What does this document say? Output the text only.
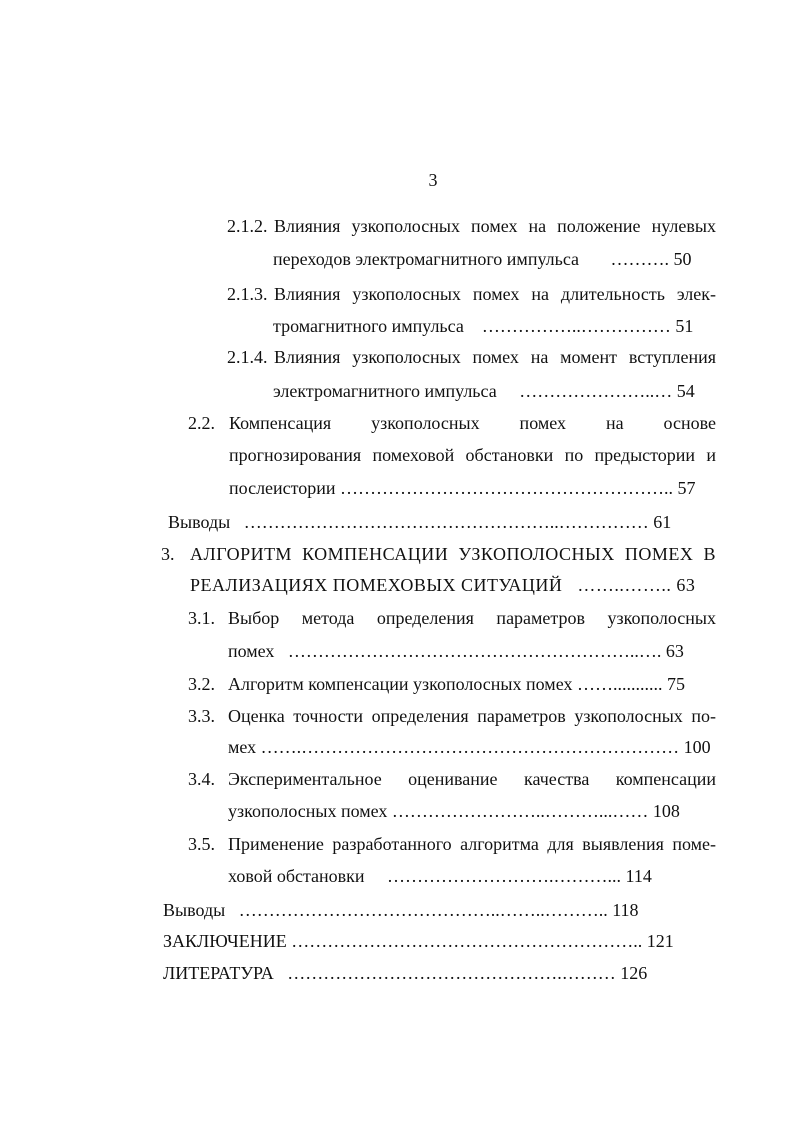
3
2.1.2. Влияния узкополосных помех на положение нулевых
переходов электромагнитного импульса       ………. 50
2.1.3. Влияния узкополосных помех на длительность элек-
тромагнитного импульса    ……………..…………… 51
2.1.4. Влияния узкополосных помех на момент вступления
электромагнитного импульса     …………………..… 54
2.2. Компенсация узкополосных помех на основе
прогнозирования помеховой обстановки по предыстории и
послеистории ……………………………………………….. 57
Выводы   ……………………………………………..…………… 61
3. АЛГОРИТМ КОМПЕНСАЦИИ УЗКОПОЛОСНЫХ ПОМЕХ В
РЕАЛИЗАЦИЯХ ПОМЕХОВЫХ СИТУАЦИЙ   ……..…….. 63
3.1. Выбор метода определения параметров узкополосных
помех   …………………………………………………..…. 63
3.2. Алгоритм компенсации узкополосных помех ……........... 75
3.3. Оценка точности определения параметров узкополосных по-
мех …….……………………………………………………… 100
3.4. Экспериментальное оценивание качества компенсации
узкополосных помех ……………………..………...…… 108
3.5. Применение разработанного алгоритма для выявления поме-
ховой обстановки     ……………………….………... 114
Выводы   ……………………………………..……..……….. 118
ЗАКЛЮЧЕНИЕ ………………………………………………….. 121
ЛИТЕРАТУРА   ……………………………………….……… 126
